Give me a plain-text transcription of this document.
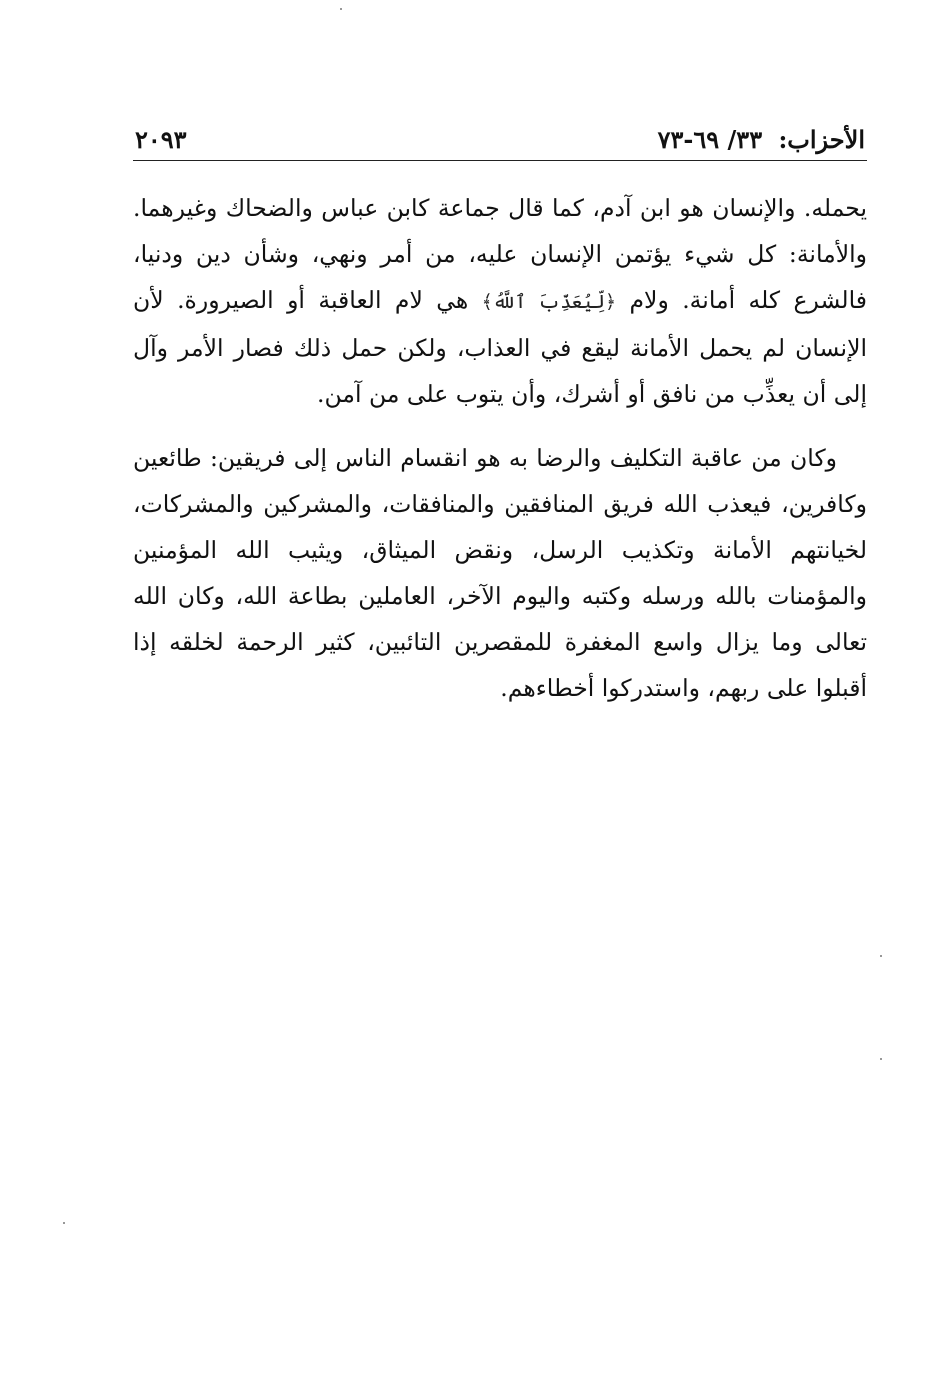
الأحزاب: ٣٣/ ٦٩-٧٣
٢٠٩٣

يحمله. والإنسان هو ابن آدم، كما قال جماعة كابن عباس والضحاك وغيرهما. والأمانة: كل شيء يؤتمن الإنسان عليه، من أمر ونهي، وشأن دين ودنيا، فالشرع كله أمانة. ولام ﴿لِّيُعَذِّبَ ٱللَّهُ﴾ هي لام العاقبة أو الصيرورة. لأن الإنسان لم يحمل الأمانة ليقع في العذاب، ولكن حمل ذلك فصار الأمر وآل إلى أن يعذِّب من نافق أو أشرك، وأن يتوب على من آمن.

وكان من عاقبة التكليف والرضا به هو انقسام الناس إلى فريقين: طائعين وكافرين، فيعذب الله فريق المنافقين والمنافقات، والمشركين والمشركات، لخيانتهم الأمانة وتكذيب الرسل، ونقض الميثاق، ويثيب الله المؤمنين والمؤمنات بالله ورسله وكتبه واليوم الآخر، العاملين بطاعة الله، وكان الله تعالى وما يزال واسع المغفرة للمقصرين التائبين، كثير الرحمة لخلقه إذا أقبلوا على ربهم، واستدركوا أخطاءهم.
